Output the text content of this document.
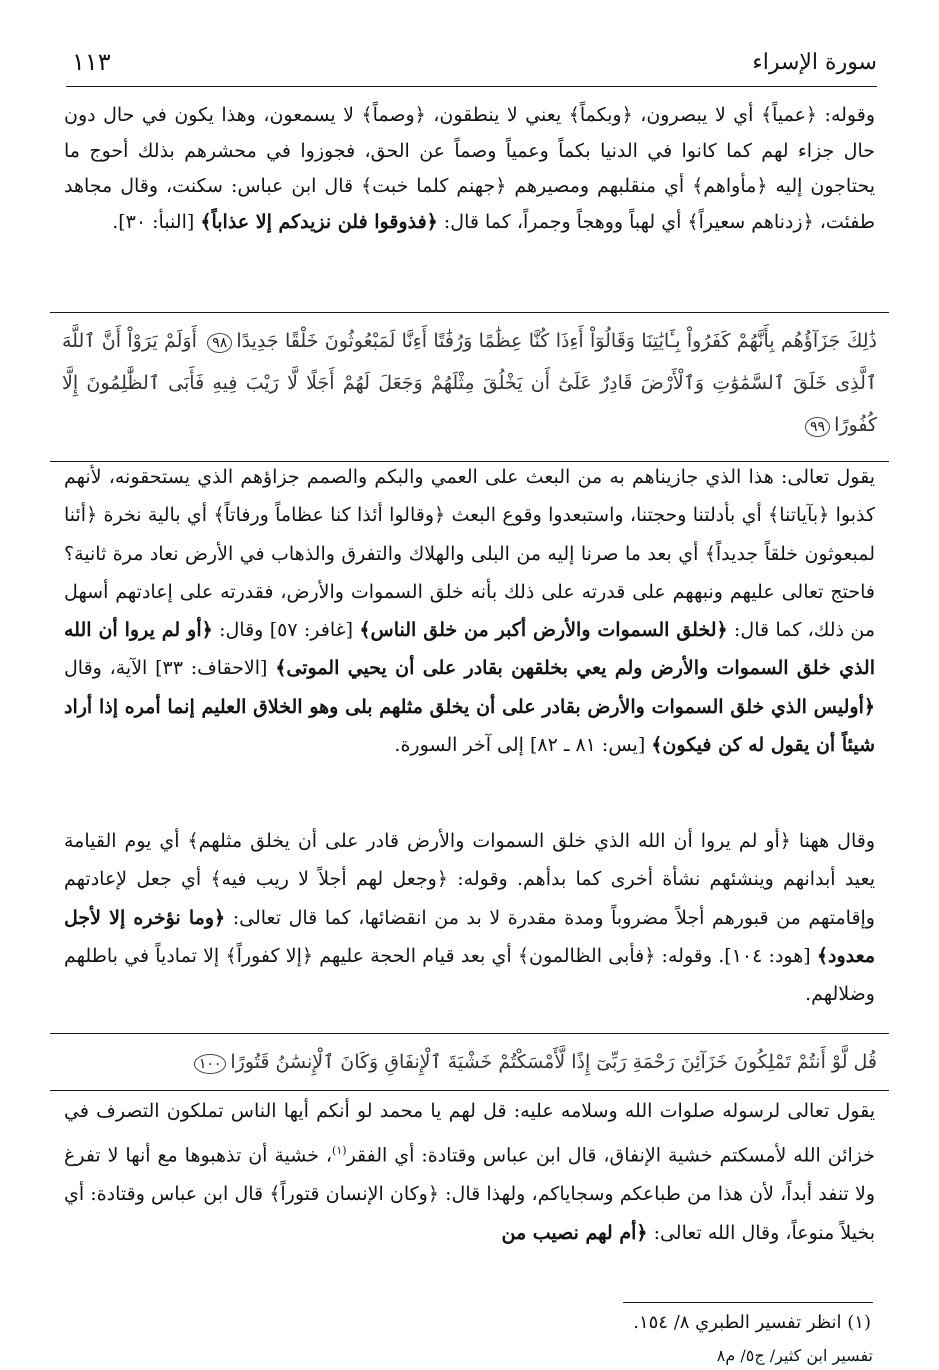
سورة الإسراء
١١٣

وقوله: ﴿عمياً﴾ أي لا يبصرون، ﴿وبكماً﴾ يعني لا ينطقون، ﴿وصماً﴾ لا يسمعون، وهذا يكون في حال دون حال جزاء لهم كما كانوا في الدنيا بكماً وعمياً وصماً عن الحق، فجوزوا في محشرهم بذلك أحوج ما يحتاجون إليه ﴿مأواهم﴾ أي منقلبهم ومصيرهم ﴿جهنم كلما خبت﴾ قال ابن عباس: سكنت، وقال مجاهد طفئت، ﴿زدناهم سعيراً﴾ أي لهباً ووهجاً وجمراً، كما قال: ﴿فذوقوا فلن نزيدكم إلا عذاباً﴾ [النبأ: ٣٠].

ذَٰلِكَ جَزَآؤُهُم بِأَنَّهُمْ كَفَرُواْ بِـَٔايَٰتِنَا وَقَالُوٓاْ أَءِذَا كُنَّا عِظَٰمًا وَرُفَٰتًا أَءِنَّا لَمَبْعُوثُونَ خَلْقًا جَدِيدًا٩٨ أَوَلَمْ يَرَوْاْ أَنَّ ٱللَّهَ ٱلَّذِى خَلَقَ ٱلسَّمَٰوَٰتِ وَٱلْأَرْضَ قَادِرٌ عَلَىٰٓ أَن يَخْلُقَ مِثْلَهُمْ وَجَعَلَ لَهُمْ أَجَلًا لَّا رَيْبَ فِيهِ فَأَبَى ٱلظَّٰلِمُونَ إِلَّا كُفُورًا٩٩

يقول تعالى: هذا الذي جازيناهم به من البعث على العمي والبكم والصمم جزاؤهم الذي يستحقونه، لأنهم كذبوا ﴿بآياتنا﴾ أي بأدلتنا وحجتنا، واستبعدوا وقوع البعث ﴿وقالوا أئذا كنا عظاماً ورفاتاً﴾ أي بالية نخرة ﴿أئنا لمبعوثون خلقاً جديداً﴾ أي بعد ما صرنا إليه من البلى والهلاك والتفرق والذهاب في الأرض نعاد مرة ثانية؟ فاحتج تعالى عليهم ونبههم على قدرته على ذلك بأنه خلق السموات والأرض، فقدرته على إعادتهم أسهل من ذلك، كما قال: ﴿لخلق السموات والأرض أكبر من خلق الناس﴾ [غافر: ٥٧] وقال: ﴿أو لم يروا أن الله الذي خلق السموات والأرض ولم يعي بخلقهن بقادر على أن يحيي الموتى﴾ [الاحقاف: ٣٣] الآية، وقال ﴿أوليس الذي خلق السموات والأرض بقادر على أن يخلق مثلهم بلى وهو الخلاق العليم إنما أمره إذا أراد شيئاً أن يقول له كن فيكون﴾ [يس: ٨١ ـ ٨٢] إلى آخر السورة.

وقال ههنا ﴿أو لم يروا أن الله الذي خلق السموات والأرض قادر على أن يخلق مثلهم﴾ أي يوم القيامة يعيد أبدانهم وينشئهم نشأة أخرى كما بدأهم. وقوله: ﴿وجعل لهم أجلاً لا ريب فيه﴾ أي جعل لإعادتهم وإقامتهم من قبورهم أجلاً مضروباً ومدة مقدرة لا بد من انقضائها، كما قال تعالى: ﴿وما نؤخره إلا لأجل معدود﴾ [هود: ١٠٤]. وقوله: ﴿فأبى الظالمون﴾ أي بعد قيام الحجة عليهم ﴿إلا كفوراً﴾ إلا تمادياً في باطلهم وضلالهم.

قُل لَّوْ أَنتُمْ تَمْلِكُونَ خَزَآئِنَ رَحْمَةِ رَبِّىٓ إِذًا لَّأَمْسَكْتُمْ خَشْيَةَ ٱلْإِنفَاقِ وَكَانَ ٱلْإِنسَٰنُ قَتُورًا١٠٠

يقول تعالى لرسوله صلوات الله وسلامه عليه: قل لهم يا محمد لو أنكم أيها الناس تملكون التصرف في خزائن الله لأمسكتم خشية الإنفاق، قال ابن عباس وقتادة: أي الفقر$^{(١)}$، خشية أن تذهبوها مع أنها لا تفرغ ولا تنفد أبداً، لأن هذا من طباعكم وسجاياكم، ولهذا قال: ﴿وكان الإنسان قتوراً﴾ قال ابن عباس وقتادة: أي بخيلاً منوعاً، وقال الله تعالى: ﴿أم لهم نصيب من

(١) انظر تفسير الطبري ٨/ ١٥٤.
تفسير ابن كثير/ ج٥/ م٨
